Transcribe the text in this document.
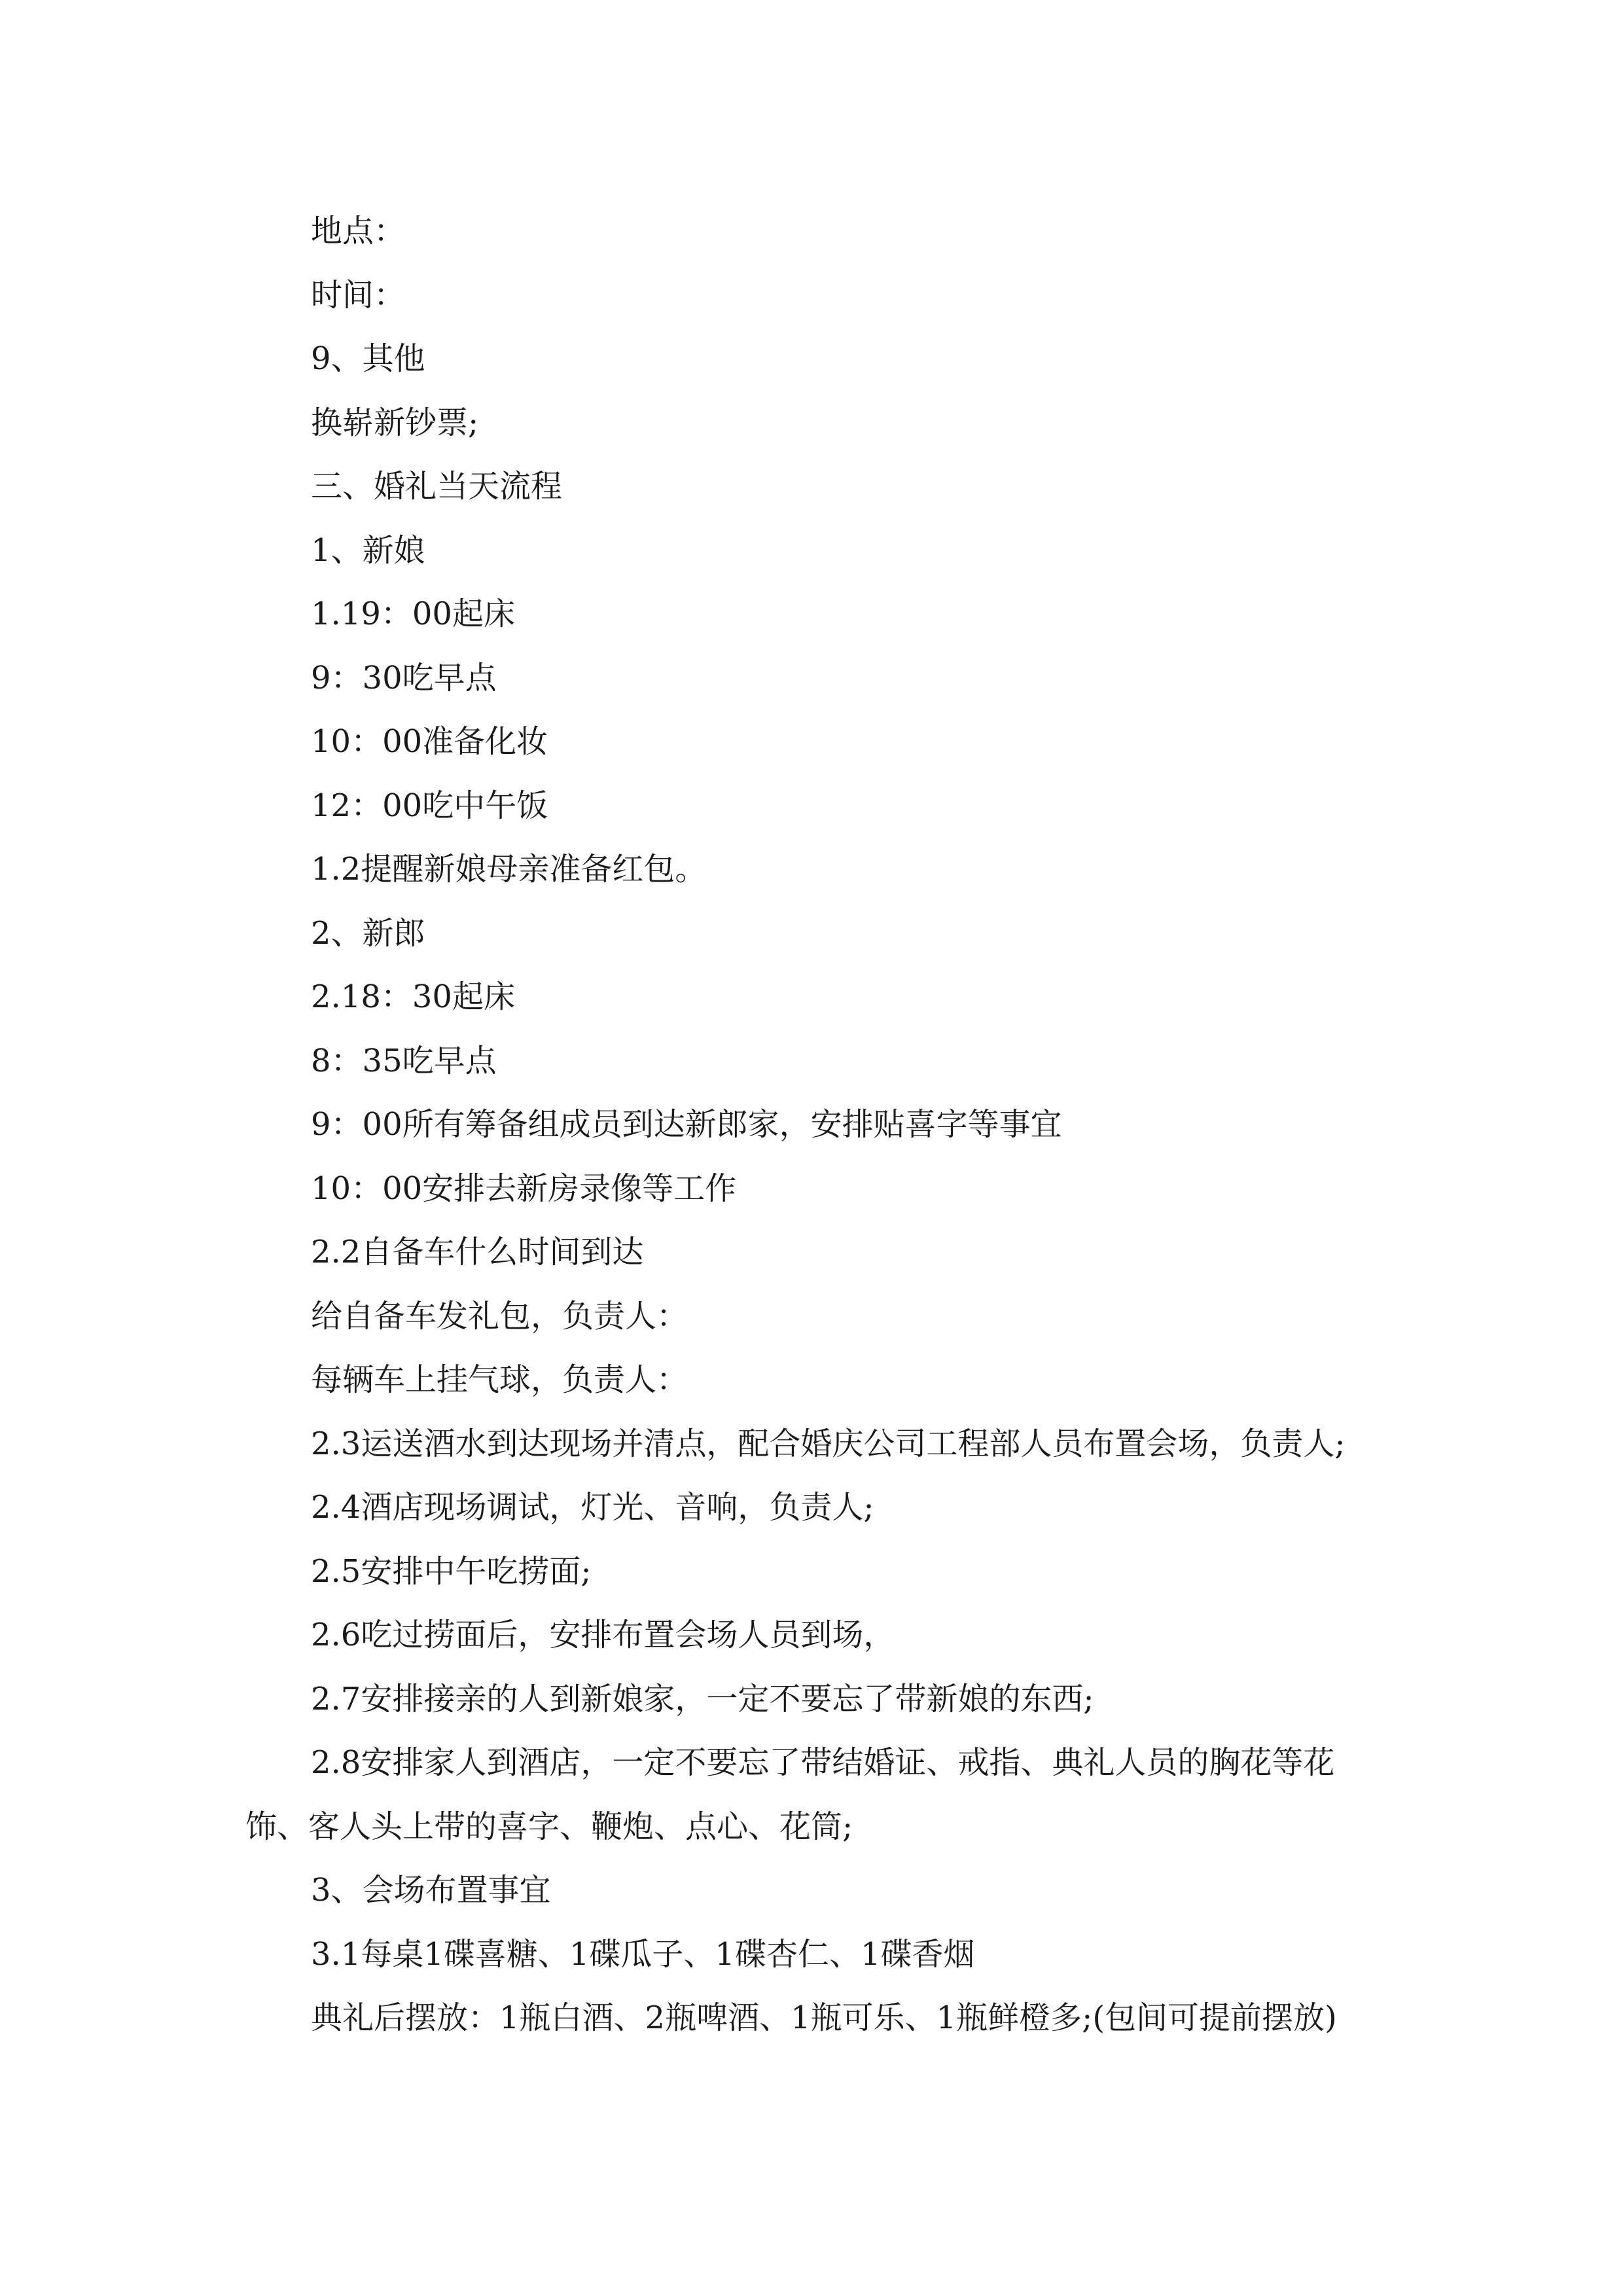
地点：
时间：
9、其他
换崭新钞票;
三、婚礼当天流程
1、新娘
1.19：00起床
9：30吃早点
10：00准备化妆
12：00吃中午饭
1.2提醒新娘母亲准备红包。
2、新郎
2.18：30起床
8：35吃早点
9：00所有筹备组成员到达新郎家，安排贴喜字等事宜
10：00安排去新房录像等工作
2.2自备车什么时间到达
给自备车发礼包，负责人：
每辆车上挂气球，负责人：
2.3运送酒水到达现场并清点，配合婚庆公司工程部人员布置会场，负责人;
2.4酒店现场调试，灯光、音响，负责人;
2.5安排中午吃捞面;
2.6吃过捞面后，安排布置会场人员到场，
2.7安排接亲的人到新娘家，一定不要忘了带新娘的东西;
2.8安排家人到酒店，一定不要忘了带结婚证、戒指、典礼人员的胸花等花
饰、客人头上带的喜字、鞭炮、点心、花筒;
3、会场布置事宜
3.1每桌1碟喜糖、1碟瓜子、1碟杏仁、1碟香烟
典礼后摆放：1瓶白酒、2瓶啤酒、1瓶可乐、1瓶鲜橙多;(包间可提前摆放)
